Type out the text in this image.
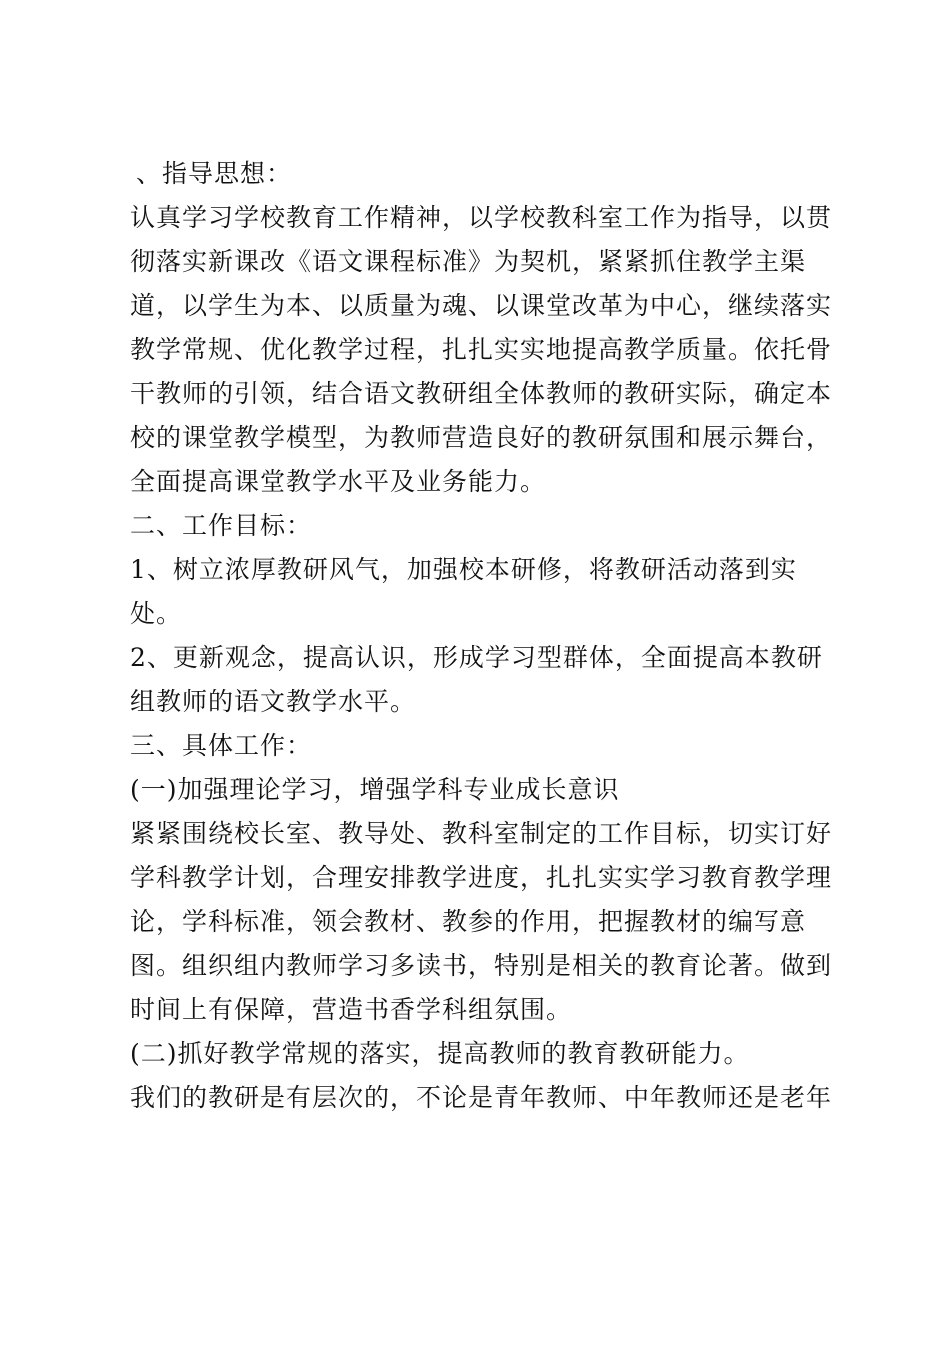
、指导思想：
认真学习学校教育工作精神，以学校教科室工作为指导，以贯
彻落实新课改《语文课程标准》为契机，紧紧抓住教学主渠
道，以学生为本、以质量为魂、以课堂改革为中心，继续落实
教学常规、优化教学过程，扎扎实实地提高教学质量。依托骨
干教师的引领，结合语文教研组全体教师的教研实际，确定本
校的课堂教学模型，为教师营造良好的教研氛围和展示舞台，
全面提高课堂教学水平及业务能力。
二、工作目标：
1、树立浓厚教研风气，加强校本研修，将教研活动落到实
处。
2、更新观念，提高认识，形成学习型群体，全面提高本教研
组教师的语文教学水平。
三、具体工作：
(一)加强理论学习，增强学科专业成长意识
紧紧围绕校长室、教导处、教科室制定的工作目标，切实订好
学科教学计划，合理安排教学进度，扎扎实实学习教育教学理
论，学科标准，领会教材、教参的作用，把握教材的编写意
图。组织组内教师学习多读书，特别是相关的教育论著。做到
时间上有保障，营造书香学科组氛围。
(二)抓好教学常规的落实，提高教师的教育教研能力。
我们的教研是有层次的，不论是青年教师、中年教师还是老年
